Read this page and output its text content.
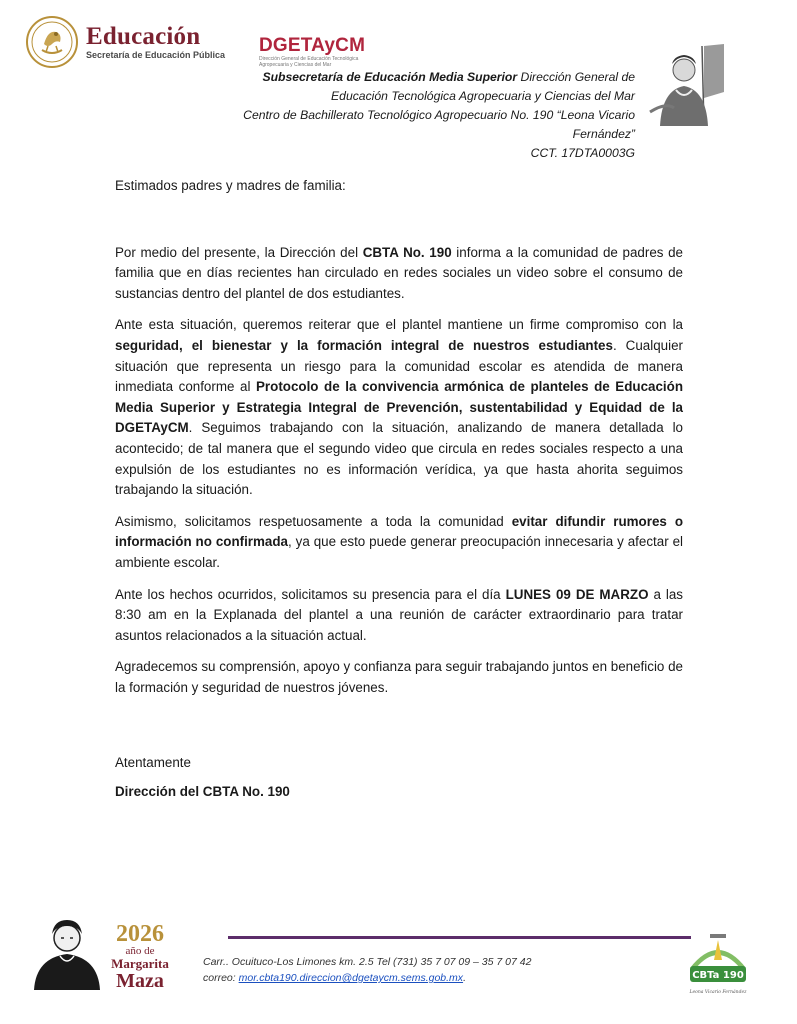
Educación
Secretaría de Educación Pública DGETAyCM
Dirección General de Educación Tecnológica Agropecuaria y Ciencias del Mar
Subsecretaría de Educación Media Superior Dirección General de
Educación Tecnológica Agropecuaria y Ciencias del Mar
Centro de Bachillerato Tecnológico Agropecuario No. 190 “Leona Vicario
Fernández”
CCT. 17DTA0003G

Estimados padres y madres de familia:

Por medio del presente, la Dirección del CBTA No. 190 informa a la comunidad de padres de familia que en días recientes han circulado en redes sociales un video sobre el consumo de sustancias dentro del plantel de dos estudiantes.

Ante esta situación, queremos reiterar que el plantel mantiene un firme compromiso con la seguridad, el bienestar y la formación integral de nuestros estudiantes. Cualquier situación que representa un riesgo para la comunidad escolar es atendida de manera inmediata conforme al Protocolo de la convivencia armónica de planteles de Educación Media Superior y Estrategia Integral de Prevención, sustentabilidad y Equidad de la DGETAyCM. Seguimos trabajando con la situación, analizando de manera detallada lo acontecido; de tal manera que el segundo video que circula en redes sociales respecto a una expulsión de los estudiantes no es información verídica, ya que hasta ahorita seguimos trabajando la situación.

Asimismo, solicitamos respetuosamente a toda la comunidad evitar difundir rumores o información no confirmada, ya que esto puede generar preocupación innecesaria y afectar el ambiente escolar.

Ante los hechos ocurridos, solicitamos su presencia para el día LUNES 09 DE MARZO a las 8:30 am en la Explanada del plantel a una reunión de carácter extraordinario para tratar asuntos relacionados a la situación actual.

Agradecemos su comprensión, apoyo y confianza para seguir trabajando juntos en beneficio de la formación y seguridad de nuestros jóvenes.

Atentamente
Dirección del CBTA No. 190
2026
año de
Margarita
Maza
Carr.. Ocuituco-Los Limones km. 2.5 Tel (731) 35 7 07 09 – 35 7 07 42
correo: mor.cbta190.direccion@dgetaycm.sems.gob.mx.	CBTa 190
Leona Vicario Fernández
